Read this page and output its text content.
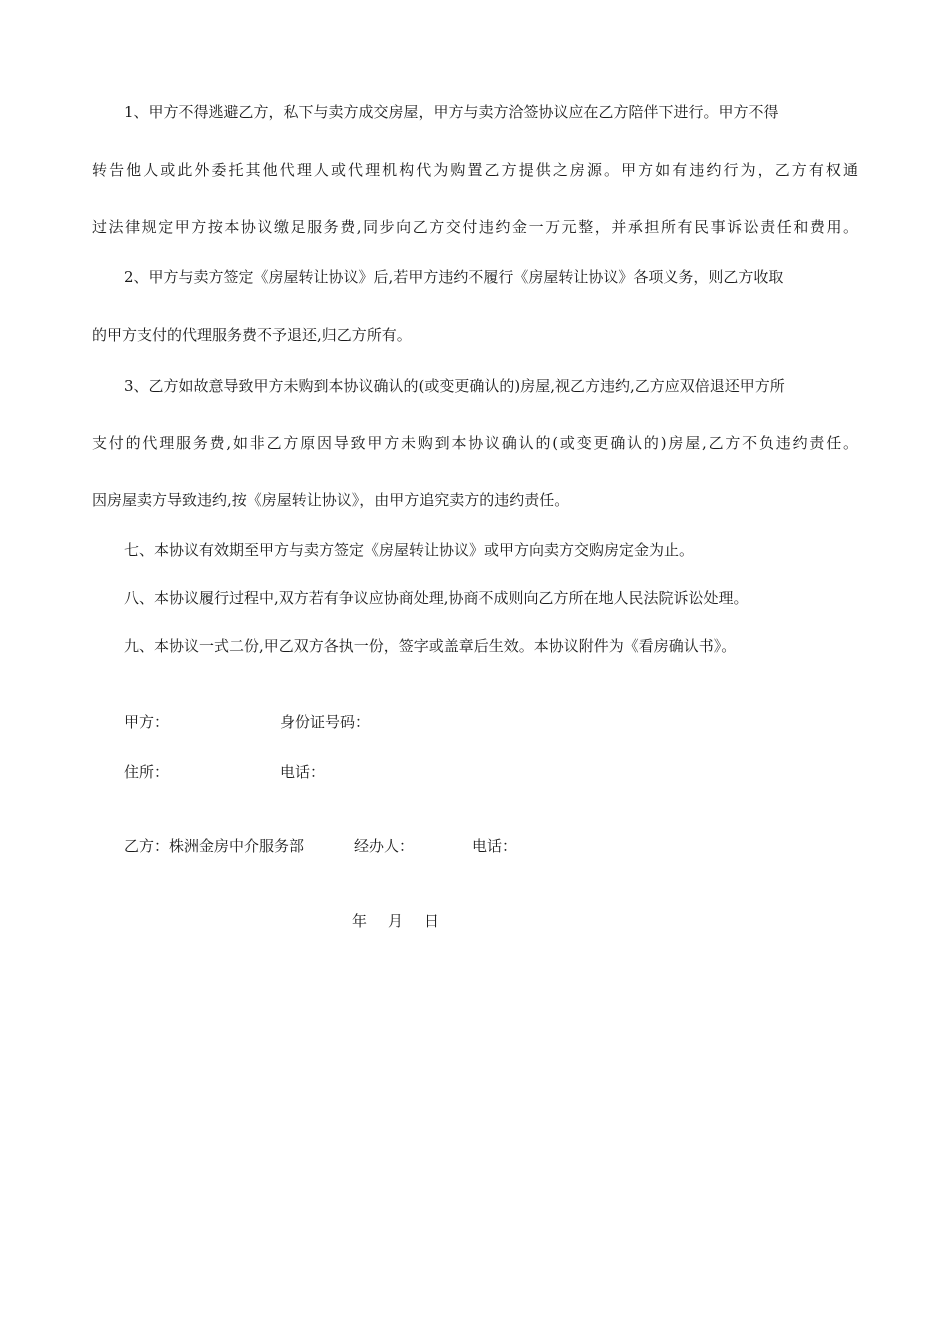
1、甲方不得逃避乙方，私下与卖方成交房屋，甲方与卖方洽签协议应在乙方陪伴下进行。甲方不得
转告他人或此外委托其他代理人或代理机构代为购置乙方提供之房源。甲方如有违约行为，乙方有权通
过法律规定甲方按本协议缴足服务费,同步向乙方交付违约金一万元整，并承担所有民事诉讼责任和费用。
2、甲方与卖方签定《房屋转让协议》后,若甲方违约不履行《房屋转让协议》各项义务，则乙方收取
的甲方支付的代理服务费不予退还,归乙方所有。
3、乙方如故意导致甲方未购到本协议确认的(或变更确认的)房屋,视乙方违约,乙方应双倍退还甲方所
支付的代理服务费,如非乙方原因导致甲方未购到本协议确认的(或变更确认的)房屋,乙方不负违约责任。
因房屋卖方导致违约,按《房屋转让协议》，由甲方追究卖方的违约责任。
七、本协议有效期至甲方与卖方签定《房屋转让协议》或甲方向卖方交购房定金为止。
八、本协议履行过程中,双方若有争议应协商处理,协商不成则向乙方所在地人民法院诉讼处理。
九、本协议一式二份,甲乙双方各执一份，签字或盖章后生效。本协议附件为《看房确认书》。
甲方：	身份证号码：
住所：	电话：
乙方：株洲金房中介服务部	经办人：	电话：
年 月 日
